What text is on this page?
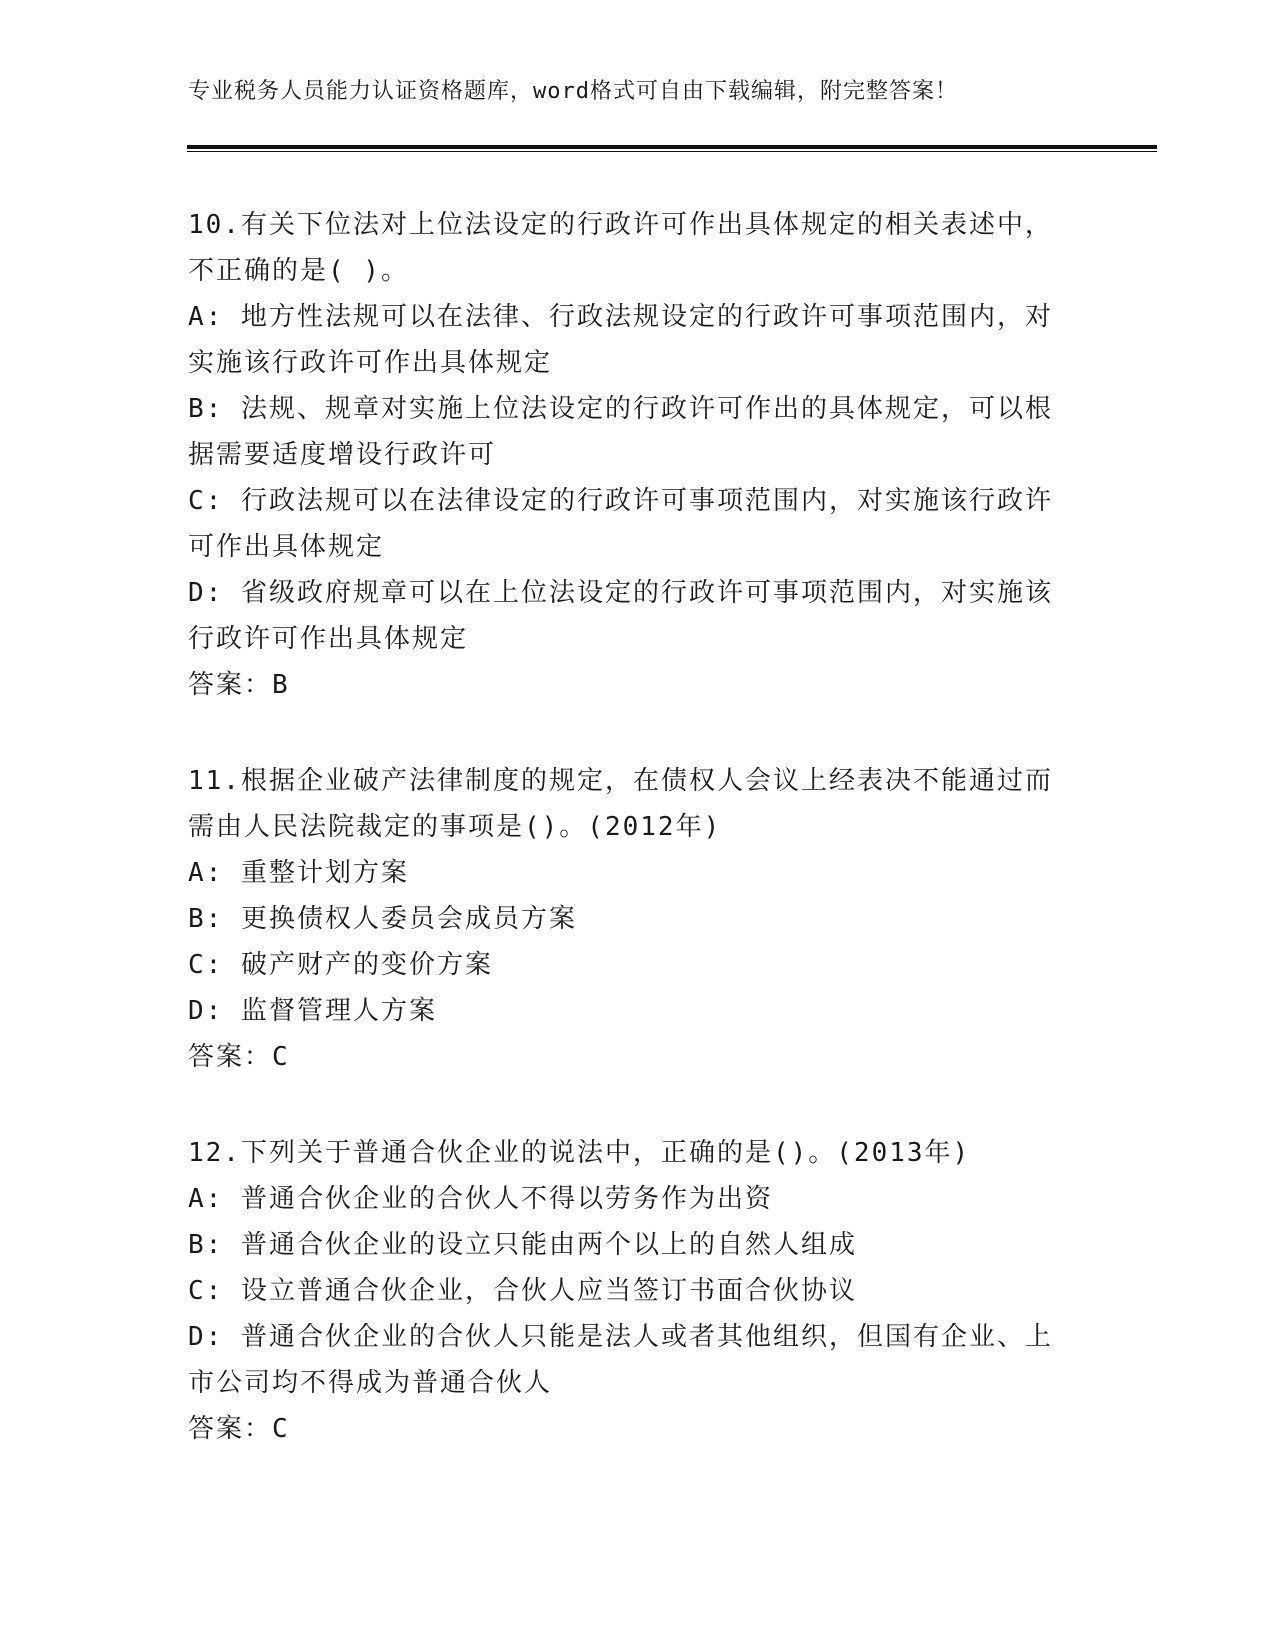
专业税务人员能力认证资格题库，word格式可自由下载编辑，附完整答案！
10.有关下位法对上位法设定的行政许可作出具体规定的相关表述中，
不正确的是( )。
A: 地方性法规可以在法律、行政法规设定的行政许可事项范围内，对
实施该行政许可作出具体规定
B: 法规、规章对实施上位法设定的行政许可作出的具体规定，可以根
据需要适度增设行政许可
C: 行政法规可以在法律设定的行政许可事项范围内，对实施该行政许
可作出具体规定
D: 省级政府规章可以在上位法设定的行政许可事项范围内，对实施该
行政许可作出具体规定
答案：B
11.根据企业破产法律制度的规定，在债权人会议上经表决不能通过而
需由人民法院裁定的事项是()。(2012年)
A: 重整计划方案
B: 更换债权人委员会成员方案
C: 破产财产的变价方案
D: 监督管理人方案
答案：C
12.下列关于普通合伙企业的说法中，正确的是()。(2013年)
A: 普通合伙企业的合伙人不得以劳务作为出资
B: 普通合伙企业的设立只能由两个以上的自然人组成
C: 设立普通合伙企业，合伙人应当签订书面合伙协议
D: 普通合伙企业的合伙人只能是法人或者其他组织，但国有企业、上
市公司均不得成为普通合伙人
答案：C
